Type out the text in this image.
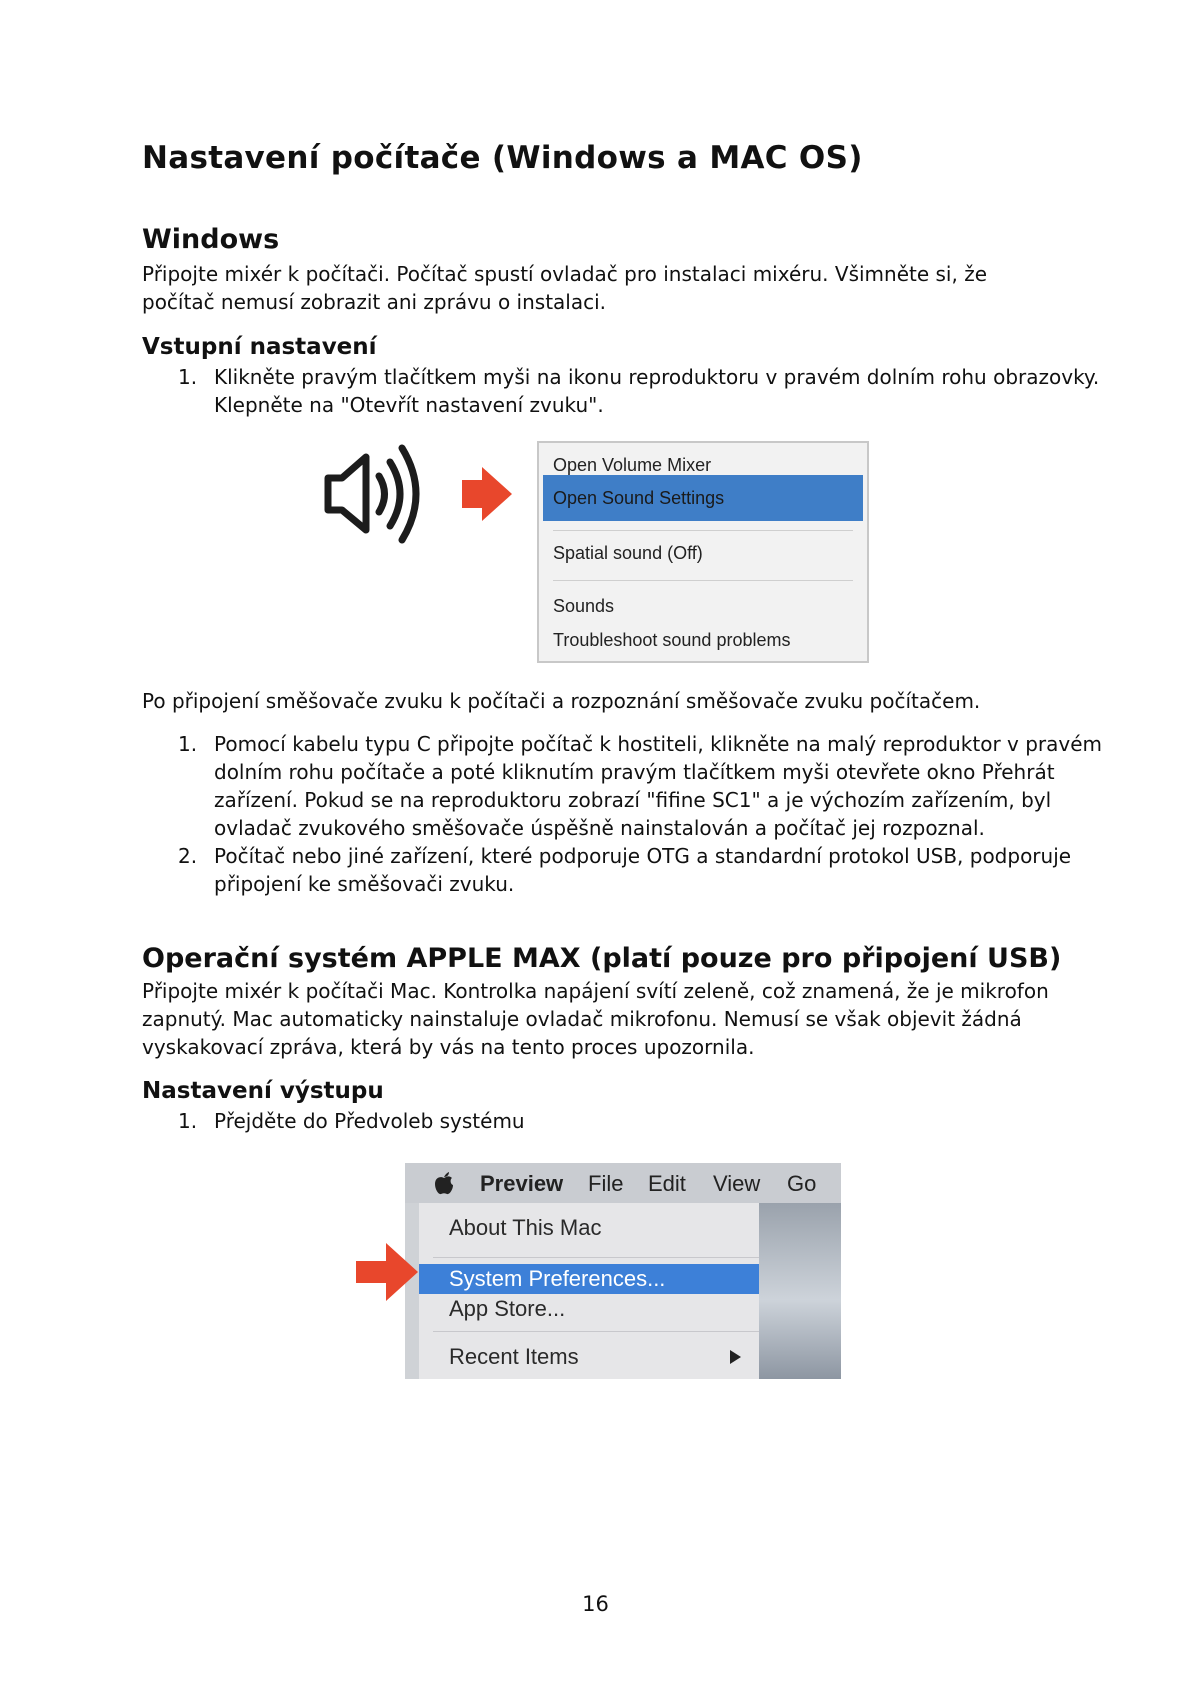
Nastavení počítače (Windows a MAC OS)
Windows

Připojte mixér k počítači. Počítač spustí ovladač pro instalaci mixéru. Všimněte si, že počítač nemusí zobrazit ani zprávu o instalaci.

Vstupní nastavení
1. Klikněte pravým tlačítkem myši na ikonu reproduktoru v pravém dolním rohu obrazovky. Klepněte na "Otevřít nastavení zvuku".
Open Volume Mixer
Open Sound Settings
Spatial sound (Off)
Sounds
Troubleshoot sound problems

Po připojení směšovače zvuku k počítači a rozpoznání směšovače zvuku počítačem.

1. Pomocí kabelu typu C připojte počítač k hostiteli, klikněte na malý reproduktor v pravém dolním rohu počítače a poté kliknutím pravým tlačítkem myši otevřete okno Přehrát zařízení. Pokud se na reproduktoru zobrazí "fifine SC1" a je výchozím zařízením, byl ovladač zvukového směšovače úspěšně nainstalován a počítač jej rozpoznal.
2. Počítač nebo jiné zařízení, které podporuje OTG a standardní protokol USB, podporuje připojení ke směšovači zvuku.
Operační systém APPLE MAX (platí pouze pro připojení USB)

Připojte mixér k počítači Mac. Kontrolka napájení svítí zeleně, což znamená, že je mikrofon zapnutý. Mac automaticky nainstaluje ovladač mikrofonu. Nemusí se však objevit žádná vyskakovací zpráva, která by vás na tento proces upozornila.

Nastavení výstupu
1. Přejděte do Předvoleb systému
Preview File Edit View Go
About This Mac
System Preferences...
App Store...
Recent Items
16
